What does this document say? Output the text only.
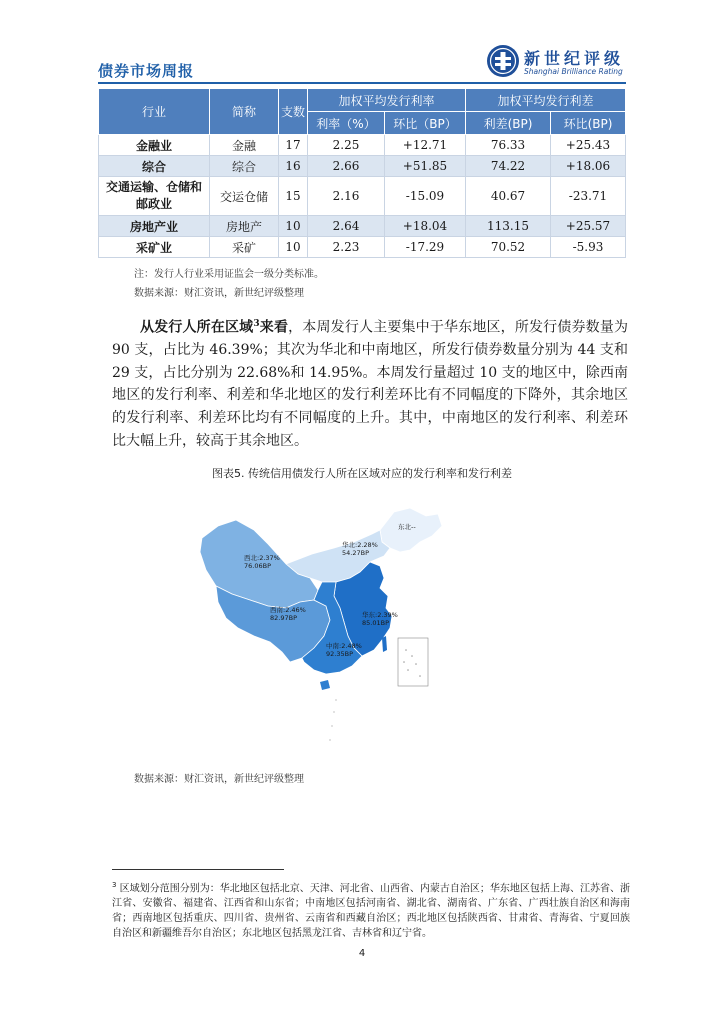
债券市场周报
新世纪评级
Shanghai Brilliance Rating
行业	简称	支数	加权平均发行利率		加权平均发行利差	
			利率（%）	环比（BP）	利差(BP)	环比(BP)
金融业	金融	17	2.25	+12.71	76.33	+25.43
综合	综合	16	2.66	+51.85	74.22	+18.06

交通运输、仓储和
邮政业	交运仓储	15	2.16	-15.09	40.67	-23.71
房地产业	房地产	10	2.64	+18.04	113.15	+25.57
采矿业	采矿	10	2.23	-17.29	70.52	-5.93
注：发行人行业采用证监会一级分类标准。
数据来源：财汇资讯，新世纪评级整理
从发行人所在区域$^3$来看，本周发行人主要集中于华东地区，所发行债券数量为 90 支，占比为 46.39%；其次为华北和中南地区，所发行债券数量分别为 44 支和 29 支，占比分别为 22.68%和 14.95%。本周发行量超过 10 支的地区中，除西南地区的发行利率、利差和华北地区的发行利差环比有不同幅度的下降外，其余地区的发行利率、利差环比均有不同幅度的上升。其中，中南地区的发行利率、利差环比大幅上升，较高于其余地区。
图表5. 传统信用债发行人所在区域对应的发行利率和发行利差
东北--
华北:2.28%
54.27BP
西北:2.37%
76.06BP
西南:2.46%
82.97BP	华东:2.39%
85.01BP
中南:2.48%
92.35BP
数据来源：财汇资讯，新世纪评级整理
$^3$ 区域划分范围分别为：华北地区包括北京、天津、河北省、山西省、内蒙古自治区；华东地区包括上海、江苏省、浙江省、安徽省、福建省、江西省和山东省；中南地区包括河南省、湖北省、湖南省、广东省、广西壮族自治区和海南省；西南地区包括重庆、四川省、贵州省、云南省和西藏自治区；西北地区包括陕西省、甘肃省、青海省、宁夏回族自治区和新疆维吾尔自治区；东北地区包括黑龙江省、吉林省和辽宁省。
4
